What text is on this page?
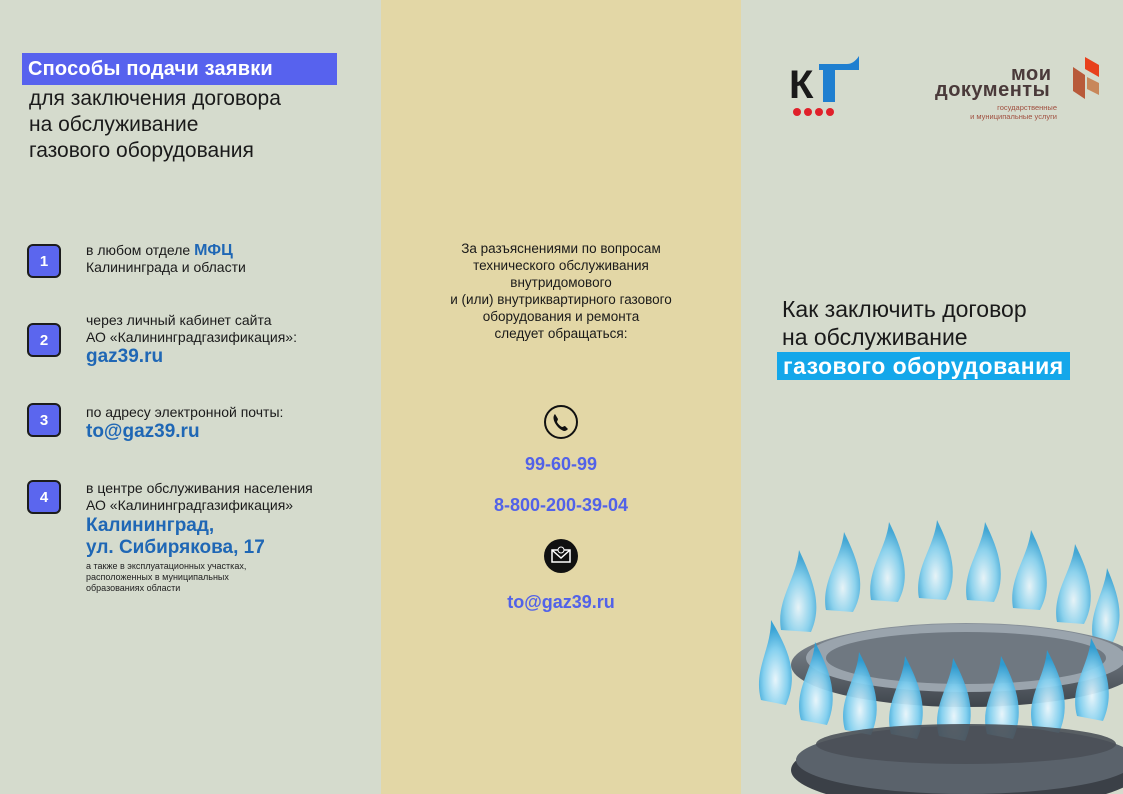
Способы подачи заявки
для заключения договора
на обслуживание
газового оборудования
1
в любом отделе МФЦ
Калининграда и области
2
через личный кабинет сайта
АО «Калининградгазификация»:
gaz39.ru
3	по адресу электронной почты:
to@gaz39.ru
4
в центре обслуживания населения
АО «Калининградгазификация»
Калининград,
ул. Сибирякова, 17
а также в эксплуатационных участках,
расположенных в муниципальных
образованиях области
За разъяснениями по вопросам
технического обслуживания
внутридомового
и (или) внутриквартирного газового
оборудования и ремонта
следует обращаться:
99-60-99
8-800-200-39-04
to@gaz39.ru
К	мои
документы
государственные
и муниципальные услуги
Как заключить договор
на обслуживание
газового оборудования
